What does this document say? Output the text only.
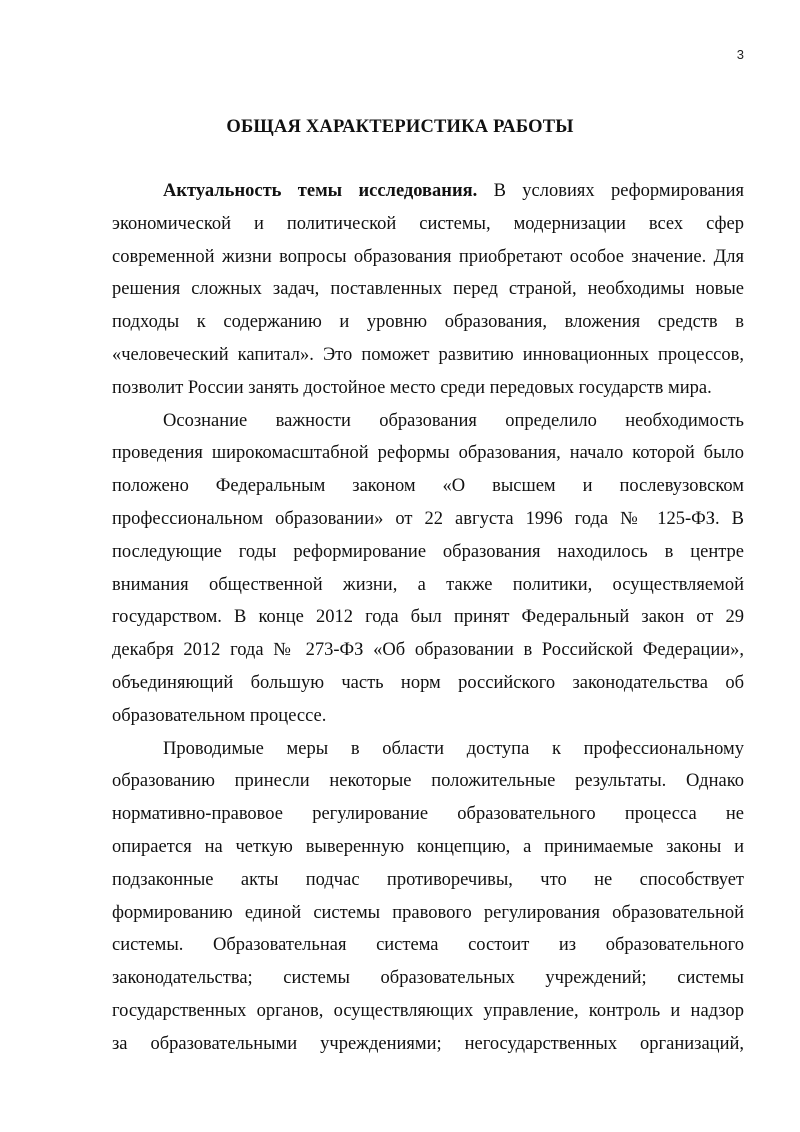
3
ОБЩАЯ ХАРАКТЕРИСТИКА РАБОТЫ
Актуальность темы исследования. В условиях реформирования
экономической и политической системы, модернизации всех сфер
современной жизни вопросы образования приобретают особое значение. Для
решения сложных задач, поставленных перед страной, необходимы новые
подходы к содержанию и уровню образования, вложения средств в
«человеческий капитал». Это поможет развитию инновационных процессов,
позволит России занять достойное место среди передовых государств мира.
Осознание важности образования определило необходимость
проведения широкомасштабной реформы образования, начало которой было
положено Федеральным законом «О высшем и послевузовском
профессиональном образовании» от 22 августа 1996 года № 125-ФЗ. В
последующие годы реформирование образования находилось в центре
внимания общественной жизни, а также политики, осуществляемой
государством. В конце 2012 года был принят Федеральный закон от 29
декабря 2012 года № 273-ФЗ «Об образовании в Российской Федерации»,
объединяющий большую часть норм российского законодательства об
образовательном процессе.
Проводимые меры в области доступа к профессиональному
образованию принесли некоторые положительные результаты. Однако
нормативно-правовое регулирование образовательного процесса не
опирается на четкую выверенную концепцию, а принимаемые законы и
подзаконные акты подчас противоречивы, что не способствует
формированию единой системы правового регулирования образовательной
системы. Образовательная система состоит из образовательного
законодательства; системы образовательных учреждений; системы
государственных органов, осуществляющих управление, контроль и надзор
за образовательными учреждениями; негосударственных организаций,
